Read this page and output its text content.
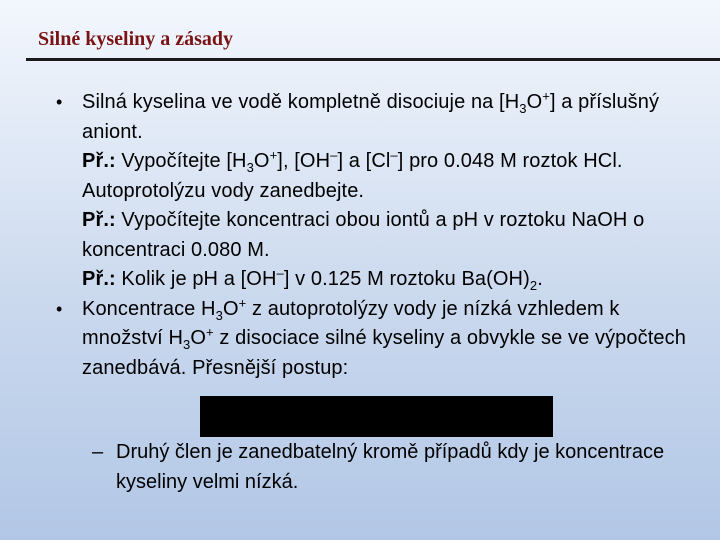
Silné kyseliny a zásady

• Silná kyselina ve vodě kompletně disociuje na $[H_3O^+]$ a příslušný aniont.

Př.: Vypočítejte $[H_3O^+]$, [OH–] a [Cl–] pro 0.048 M roztok HCl. Autoprotolýzu vody zanedbejte.

Př.: Vypočítejte koncentraci obou iontů a pH v roztoku NaOH o koncentraci 0.080 M.

Př.: Kolik je pH a [OH–] v 0.125 M roztoku $Ba(OH)_2$.

• Koncentrace $H_3O^+$ z autoprotolýzy vody je nízká vzhledem k množství $H_3O^+$ z disociace silné kyseliny a obvykle se ve výpočtech zanedbává. Přesnější postup:

– Druhý člen je zanedbatelný kromě případů kdy je koncentrace kyseliny velmi nízká.
